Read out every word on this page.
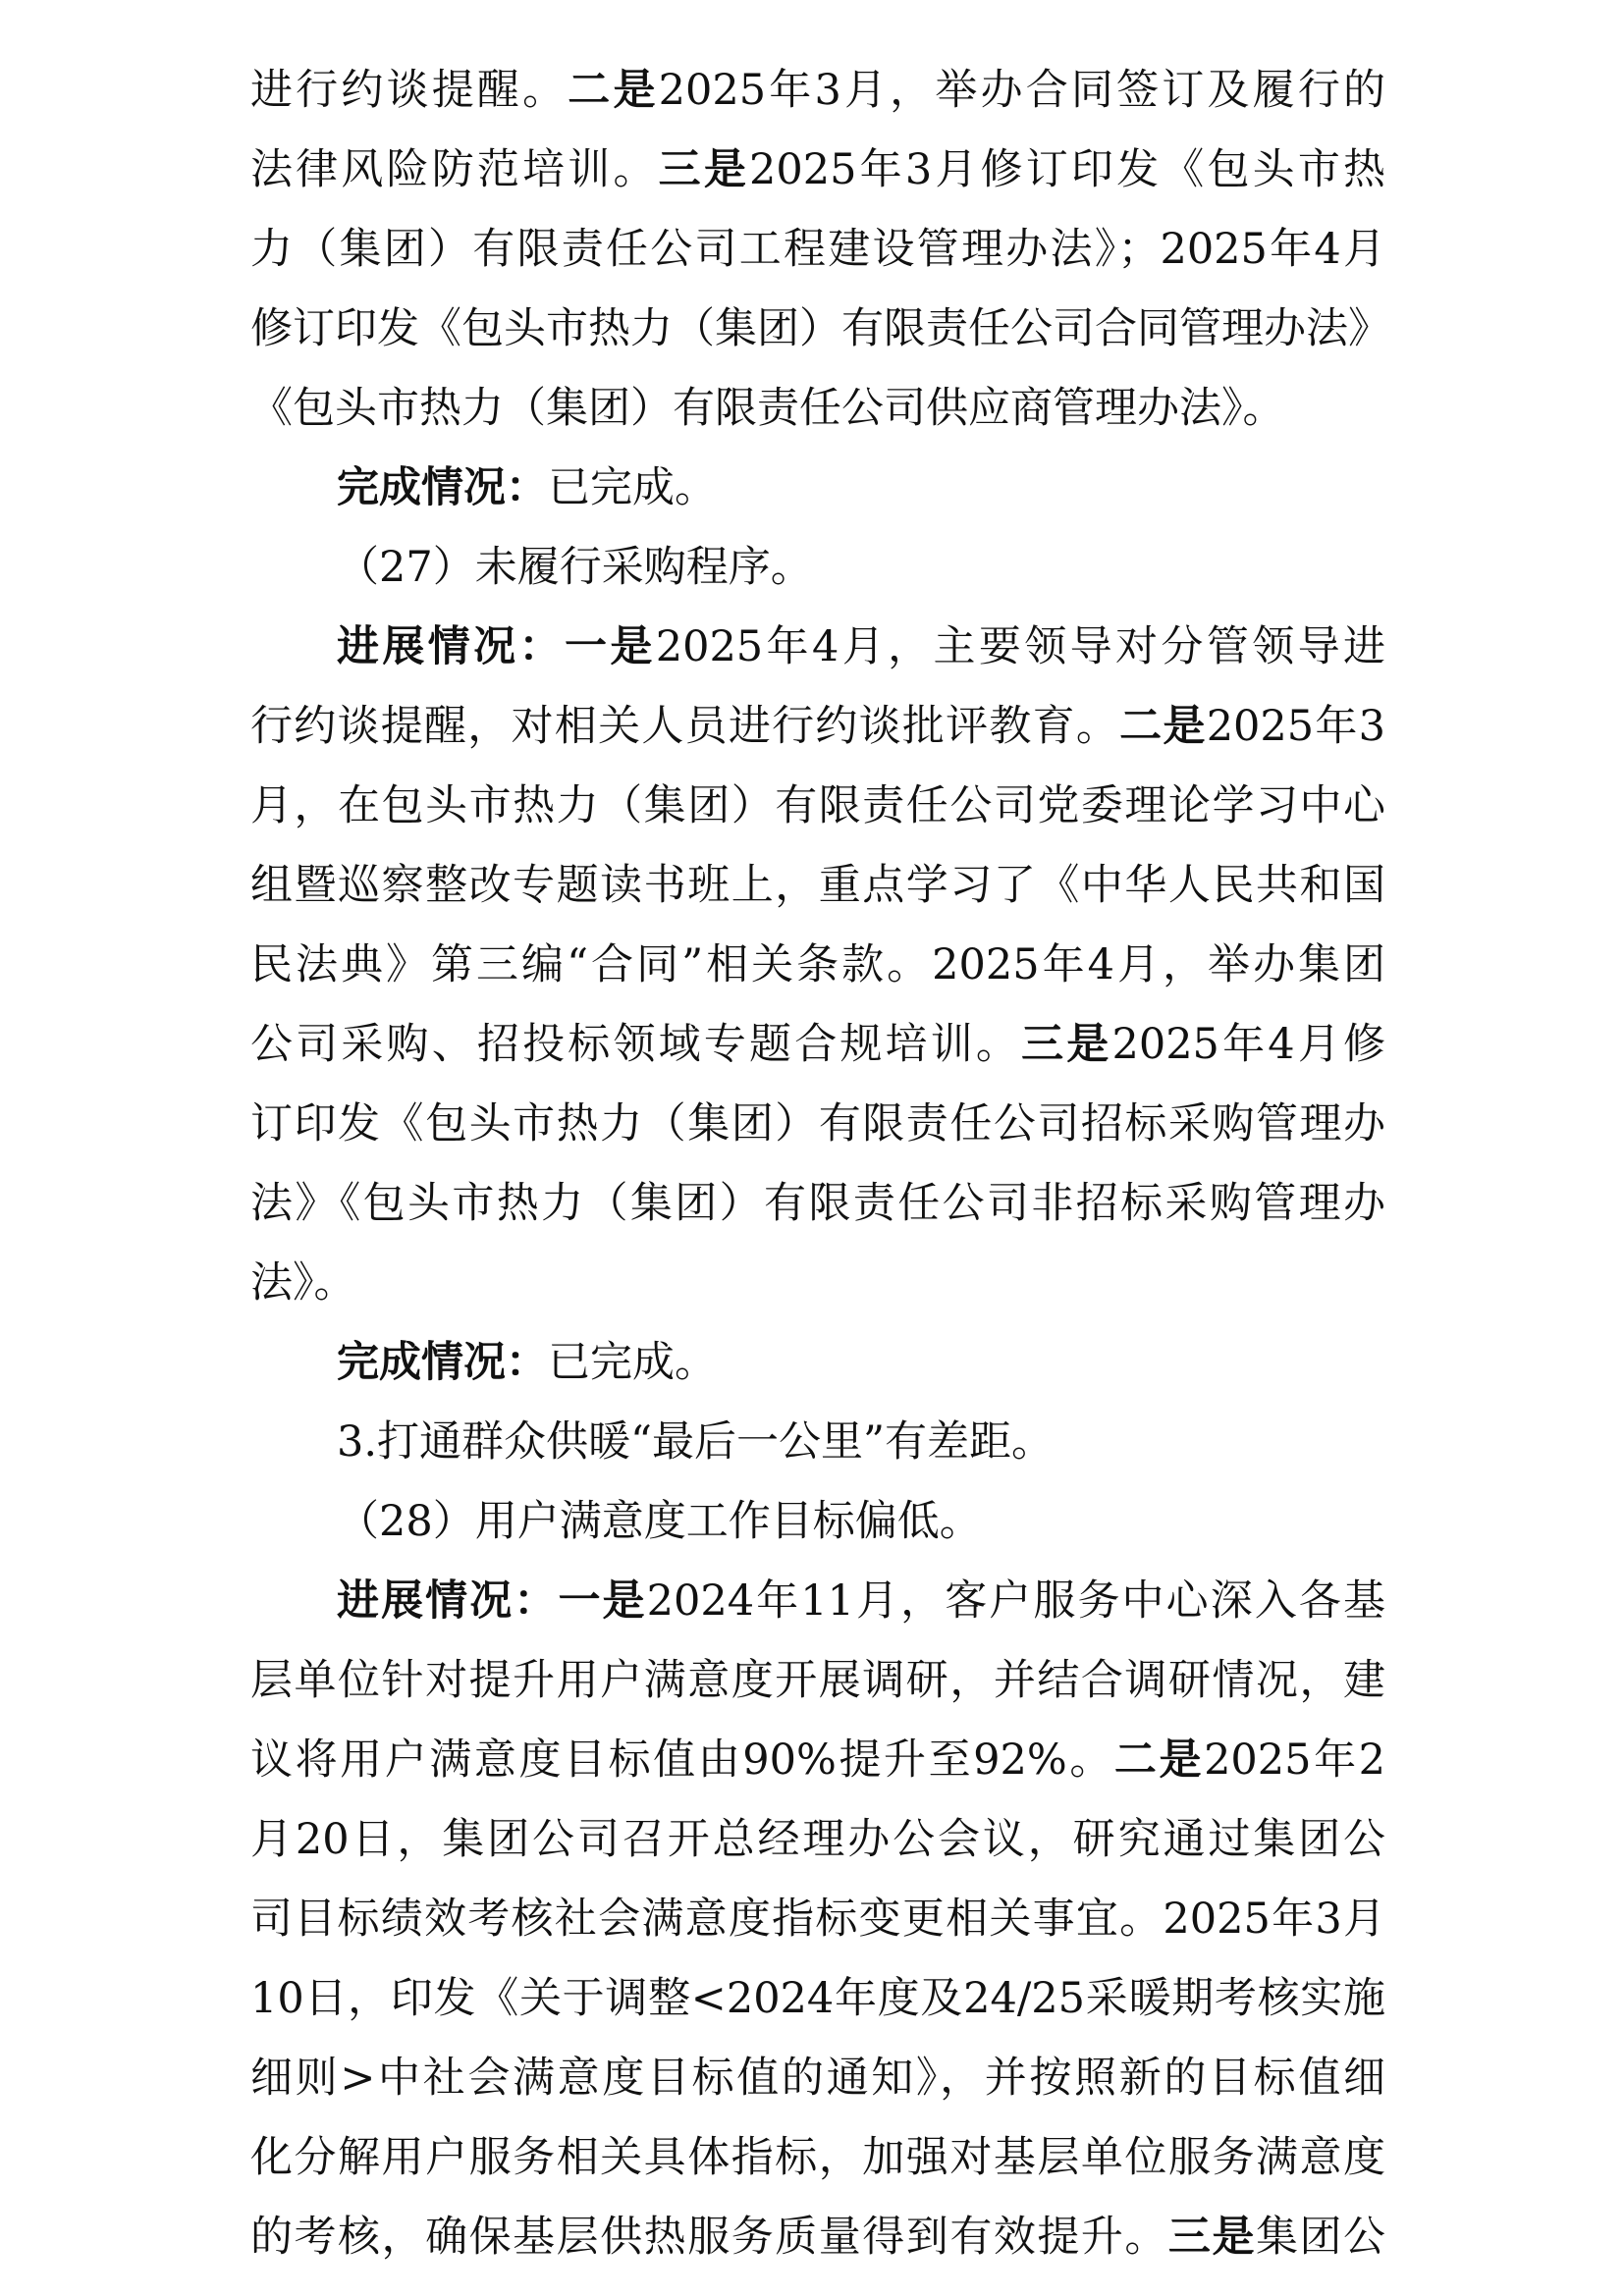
进行约谈提醒。二是2025年3月，举办合同签订及履行的
法律风险防范培训。三是2025年3月修订印发《包头市热
力（集团）有限责任公司工程建设管理办法》；2025年4月
修订印发《包头市热力（集团）有限责任公司合同管理办法》
《包头市热力（集团）有限责任公司供应商管理办法》。
完成情况：已完成。
（27）未履行采购程序。
进展情况：一是2025年4月，主要领导对分管领导进
行约谈提醒，对相关人员进行约谈批评教育。二是2025年3
月，在包头市热力（集团）有限责任公司党委理论学习中心
组暨巡察整改专题读书班上，重点学习了《中华人民共和国
民法典》第三编“合同”相关条款。2025年4月，举办集团
公司采购、招投标领域专题合规培训。三是2025年4月修
订印发《包头市热力（集团）有限责任公司招标采购管理办
法》《包头市热力（集团）有限责任公司非招标采购管理办
法》。
完成情况：已完成。
3.打通群众供暖“最后一公里”有差距。
（28）用户满意度工作目标偏低。
进展情况：一是2024年11月，客户服务中心深入各基
层单位针对提升用户满意度开展调研，并结合调研情况，建
议将用户满意度目标值由90%提升至92%。二是2025年2
月20日，集团公司召开总经理办公会议，研究通过集团公
司目标绩效考核社会满意度指标变更相关事宜。2025年3月
10日，印发《关于调整<2024年度及24/25采暖期考核实施
细则>中社会满意度目标值的通知》，并按照新的目标值细
化分解用户服务相关具体指标，加强对基层单位服务满意度
的考核，确保基层供热服务质量得到有效提升。三是集团公
